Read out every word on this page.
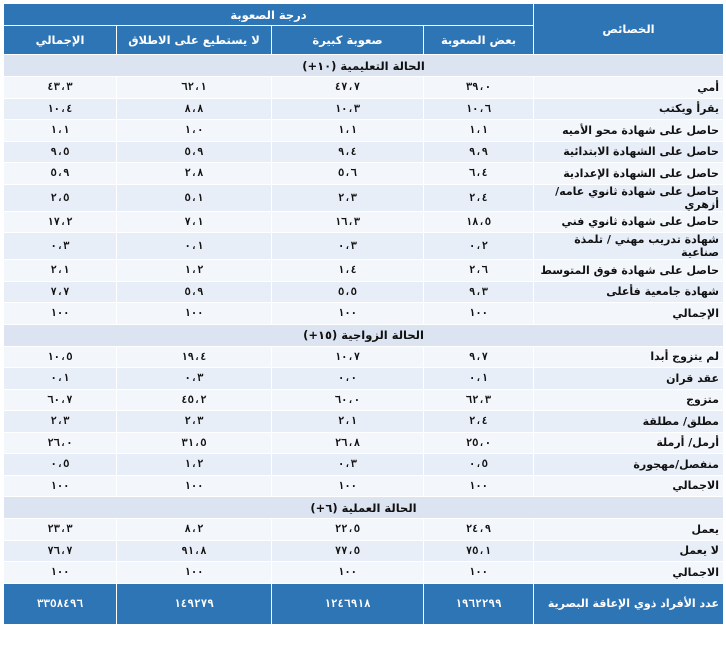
الخصائص	درجة الصعوبة			
	بعض الصعوبة	صعوبة كبيرة	لا يستطيع على الاطلاق	الإجمالي
الحالة التعليمية (١٠+)				
أمي	٣٩،٠	٤٧،٧	٦٢،١	٤٣،٣
يقرأ ويكتب	١٠،٦	١٠،٣	٨،٨	١٠،٤
حاصل على شهادة محو الأميه	١،١	١،١	١،٠	١،١
حاصل على الشهادة الابتدائية	٩،٩	٩،٤	٥،٩	٩،٥
حاصل على الشهادة الإعدادية	٦،٤	٥،٦	٢،٨	٥،٩
حاصل على شهادة ثانوي عامه/أزهري	٢،٤	٢،٣	٥،١	٢،٥
حاصل على شهادة ثانوي فني	١٨،٥	١٦،٣	٧،١	١٧،٢
شهادة تدريب مهني / تلمذة صناعية	٠،٢	٠،٣	٠،١	٠،٣
حاصل على شهادة فوق المتوسط	٢،٦	١،٤	١،٢	٢،١
شهادة جامعية فأعلى	٩،٣	٥،٥	٥،٩	٧،٧
الإجمالي	١٠٠	١٠٠	١٠٠	١٠٠
الحالة الزواجية (١٥+)				
لم يتزوج أبدا	٩،٧	١٠،٧	١٩،٤	١٠،٥
عقد قران	٠،١	٠،٠	٠،٣	٠،١
متزوج	٦٢،٣	٦٠،٠	٤٥،٢	٦٠،٧
مطلق/ مطلقة	٢،٤	٢،١	٢،٣	٢،٣
أرمل/ أرملة	٢٥،٠	٢٦،٨	٣١،٥	٢٦،٠
منفصل/مهجورة	٠،٥	٠،٣	١،٢	٠،٥
الاجمالي	١٠٠	١٠٠	١٠٠	١٠٠
الحالة العملية (٦+)				
يعمل	٢٤،٩	٢٢،٥	٨،٢	٢٣،٣
لا يعمل	٧٥،١	٧٧،٥	٩١،٨	٧٦،٧
الاجمالي	١٠٠	١٠٠	١٠٠	١٠٠
عدد الأفراد ذوي الإعاقة البصرية	١٩٦٢٢٩٩	١٢٤٦٩١٨	١٤٩٢٧٩	٣٣٥٨٤٩٦
